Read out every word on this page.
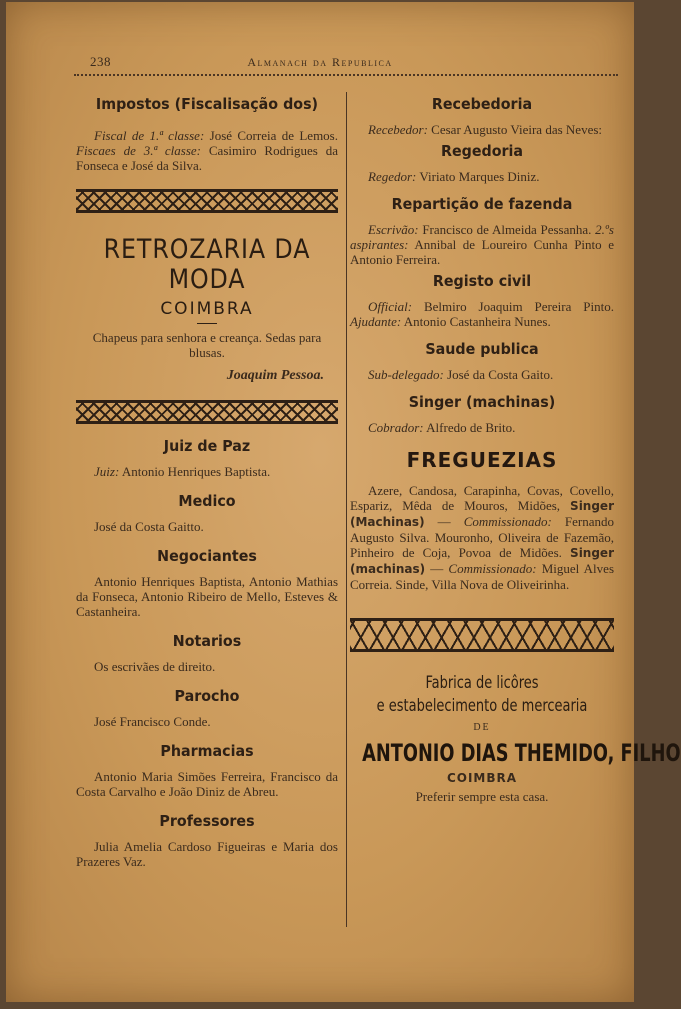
238	Almanach da Republica

Impostos (Fiscalisação dos)

Fiscal de 1.ª classe: José Correia de Lemos. Fiscaes de 3.ª classe: Casimiro Rodrigues da Fonseca e José da Silva.

RETROZARIA DA MODA
COIMBRA

Chapeus para senhora e creança. Sedas para blusas.

Joaquim Pessoa.

Juiz de Paz

Juiz: Antonio Henriques Baptista.

Medico

José da Costa Gaitto.

Negociantes

Antonio Henriques Baptista, Antonio Mathias da Fonseca, Antonio Ribeiro de Mello, Esteves & Castanheira.

Notarios

Os escrivães de direito.

Parocho

José Francisco Conde.

Pharmacias

Antonio Maria Simões Ferreira, Francisco da Costa Carvalho e João Diniz de Abreu.

Professores

Julia Amelia Cardoso Figueiras e Maria dos Prazeres Vaz.

Recebedoria

Recebedor: Cesar Augusto Vieira das Neves:

Regedoria

Regedor: Viriato Marques Diniz.

Repartição de fazenda

Escrivão: Francisco de Almeida Pessanha. 2.ºs aspirantes: Annibal de Loureiro Cunha Pinto e Antonio Ferreira.

Registo civil

Official: Belmiro Joaquim Pereira Pinto. Ajudante: Antonio Castanheira Nunes.

Saude publica

Sub-delegado: José da Costa Gaito.

Singer (machinas)

Cobrador: Alfredo de Brito.

FREGUEZIAS

Azere, Candosa, Carapinha, Covas, Covello, Espariz, Mêda de Mouros, Midões, Singer (Machinas) — Commissionado: Fernando Augusto Silva. Mouronho, Oliveira de Fazemão, Pinheiro de Coja, Povoa de Midões. Singer (machinas) — Commissionado: Miguel Alves Correia. Sinde, Villa Nova de Oliveirinha.

Fabrica de licôres
e estabelecimento de mercearia
DE
ANTONIO DIAS THEMIDO, FILHO
COIMBRA

Preferir sempre esta casa.
